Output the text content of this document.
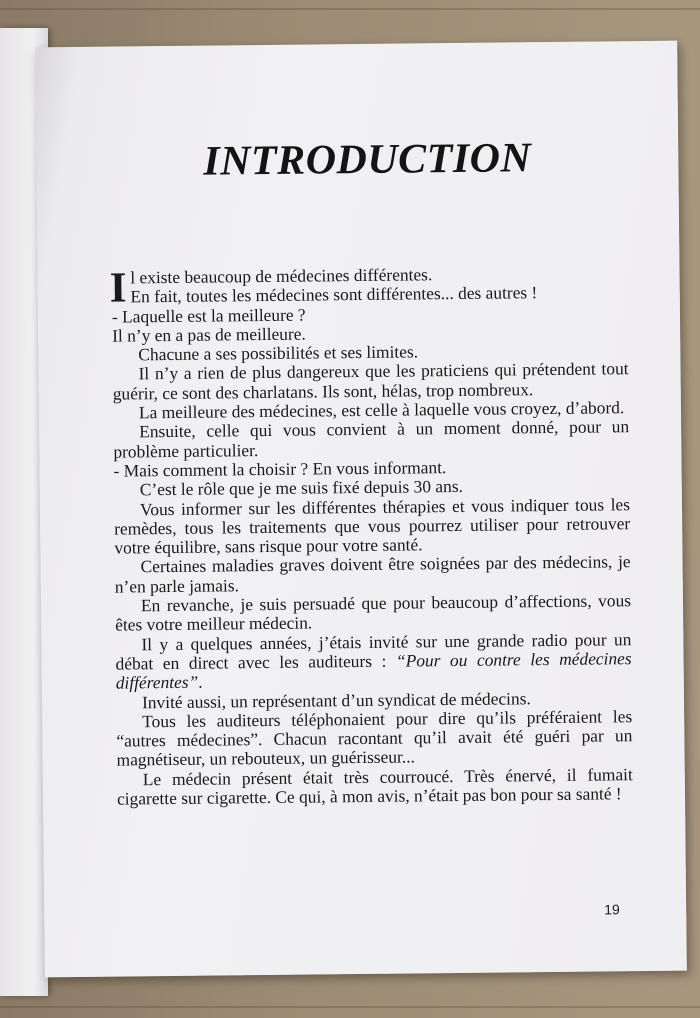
INTRODUCTION

Il existe beaucoup de médecines différentes.
En fait, toutes les médecines sont différentes... des autres !

- Laquelle est la meilleure ?

Il n’y en a pas de meilleure.

Chacune a ses possibilités et ses limites.

Il n’y a rien de plus dangereux que les praticiens qui prétendent tout guérir, ce sont des charlatans. Ils sont, hélas, trop nombreux.

La meilleure des médecines, est celle à laquelle vous croyez, d’abord.

Ensuite, celle qui vous convient à un moment donné, pour un problème particulier.

- Mais comment la choisir ? En vous informant.

C’est le rôle que je me suis fixé depuis 30 ans.

Vous informer sur les différentes thérapies et vous indiquer tous les remèdes, tous les traitements que vous pourrez utiliser pour retrouver votre équilibre, sans risque pour votre santé.

Certaines maladies graves doivent être soignées par des médecins, je n’en parle jamais.

En revanche, je suis persuadé que pour beaucoup d’affections, vous êtes votre meilleur médecin.

Il y a quelques années, j’étais invité sur une grande radio pour un débat en direct avec les auditeurs : “Pour ou contre les médecines différentes”.

Invité aussi, un représentant d’un syndicat de médecins.

Tous les auditeurs téléphonaient pour dire qu’ils préféraient les “autres médecines”. Chacun racontant qu’il avait été guéri par un magnétiseur, un rebouteux, un guérisseur...

Le médecin présent était très courroucé. Très énervé, il fumait cigarette sur cigarette. Ce qui, à mon avis, n’était pas bon pour sa santé !

19
